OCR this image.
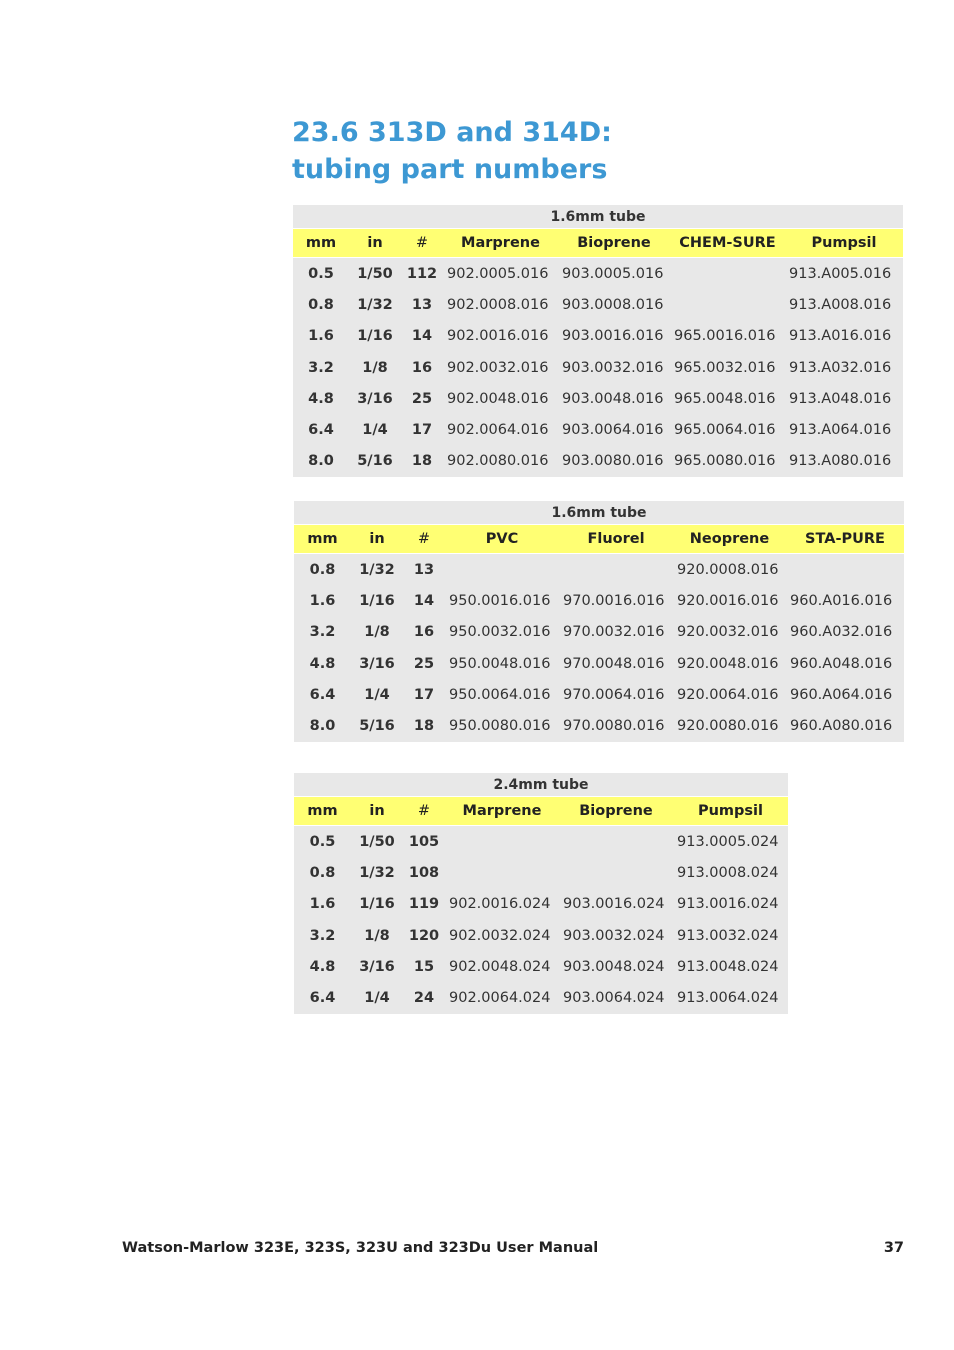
23.6 313D and 314D:
tubing part numbers
1.6mm tube						
mm	in	#	Marprene	Bioprene	CHEM-SURE	Pumpsil
0.5	1/50	112	902.0005.016	903.0005.016		913.A005.016
0.8	1/32	13	902.0008.016	903.0008.016		913.A008.016
1.6	1/16	14	902.0016.016	903.0016.016	965.0016.016	913.A016.016
3.2	1/8	16	902.0032.016	903.0032.016	965.0032.016	913.A032.016
4.8	3/16	25	902.0048.016	903.0048.016	965.0048.016	913.A048.016
6.4	1/4	17	902.0064.016	903.0064.016	965.0064.016	913.A064.016
8.0	5/16	18	902.0080.016	903.0080.016	965.0080.016	913.A080.016
1.6mm tube						
mm	in	#	PVC	Fluorel	Neoprene	STA-PURE
0.8	1/32	13			920.0008.016	
1.6	1/16	14	950.0016.016	970.0016.016	920.0016.016	960.A016.016
3.2	1/8	16	950.0032.016	970.0032.016	920.0032.016	960.A032.016
4.8	3/16	25	950.0048.016	970.0048.016	920.0048.016	960.A048.016
6.4	1/4	17	950.0064.016	970.0064.016	920.0064.016	960.A064.016
8.0	5/16	18	950.0080.016	970.0080.016	920.0080.016	960.A080.016
2.4mm tube					
mm	in	#	Marprene	Bioprene	Pumpsil
0.5	1/50	105			913.0005.024
0.8	1/32	108			913.0008.024
1.6	1/16	119	902.0016.024	903.0016.024	913.0016.024
3.2	1/8	120	902.0032.024	903.0032.024	913.0032.024
4.8	3/16	15	902.0048.024	903.0048.024	913.0048.024
6.4	1/4	24	902.0064.024	903.0064.024	913.0064.024
Watson-Marlow 323E, 323S, 323U and 323Du User Manual	37
